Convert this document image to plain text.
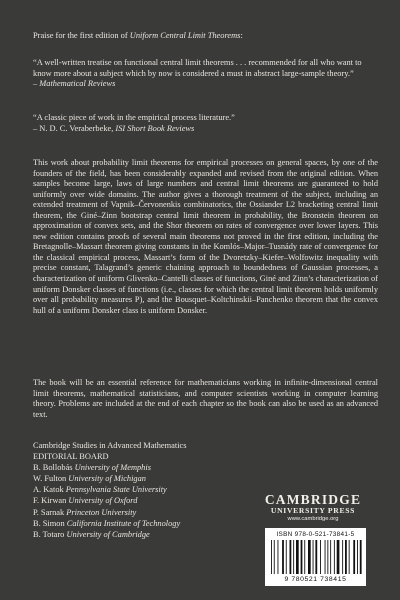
Praise for the first edition of Uniform Central Limit Theorems:
“A well-written treatise on functional central limit theorems . . . recommended for all who want to know more about a subject which by now is considered a must in abstract large-sample theory.”
– Mathematical Reviews
“A classic piece of work in the empirical process literature.”
– N. D. C. Veraberbeke, ISI Short Book Reviews
This work about probability limit theorems for empirical processes on general spaces, by one of the founders of the field, has been considerably expanded and revised from the original edition. When samples become large, laws of large numbers and central limit theorems are guaranteed to hold uniformly over wide domains. The author gives a thorough treatment of the subject, including an extended treatment of Vapnik–Červonenkis combinatorics, the Ossiander L2 bracketing central limit theorem, the Giné–Zinn bootstrap central limit theorem in probability, the Bronstein theorem on approximation of convex sets, and the Shor theorem on rates of convergence over lower layers. This new edition contains proofs of several main theorems not proved in the first edition, including the Bretagnolle–Massart theorem giving constants in the Komlós–Major–Tusnády rate of convergence for the classical empirical process, Massart’s form of the Dvoretzky–Kiefer–Wolfowitz inequality with precise constant, Talagrand’s generic chaining approach to boundedness of Gaussian processes, a characterization of uniform Glivenko–Cantelli classes of functions, Giné and Zinn’s characterization of uniform Donsker classes of functions (i.e., classes for which the central limit theorem holds uniformly over all probability measures P), and the Bousquet–Koltchinskii–Panchenko theorem that the convex hull of a uniform Donsker class is uniform Donsker.
The book will be an essential reference for mathematicians working in infinite-dimensional central limit theorems, mathematical statisticians, and computer scientists working in computer learning theory. Problems are included at the end of each chapter so the book can also be used as an advanced text.
Cambridge Studies in Advanced Mathematics
EDITORIAL BOARD
B. Bollobás University of Memphis
W. Fulton University of Michigan
A. Katok Pennsylvania State University
F. Kirwan University of Oxford
P. Sarnak Princeton University
B. Simon California Institute of Technology
B. Totaro University of Cambridge
CAMBRIDGE
UNIVERSITY PRESS
www.cambridge.org
ISBN 978-0-521-73841-5
9 780521 738415
